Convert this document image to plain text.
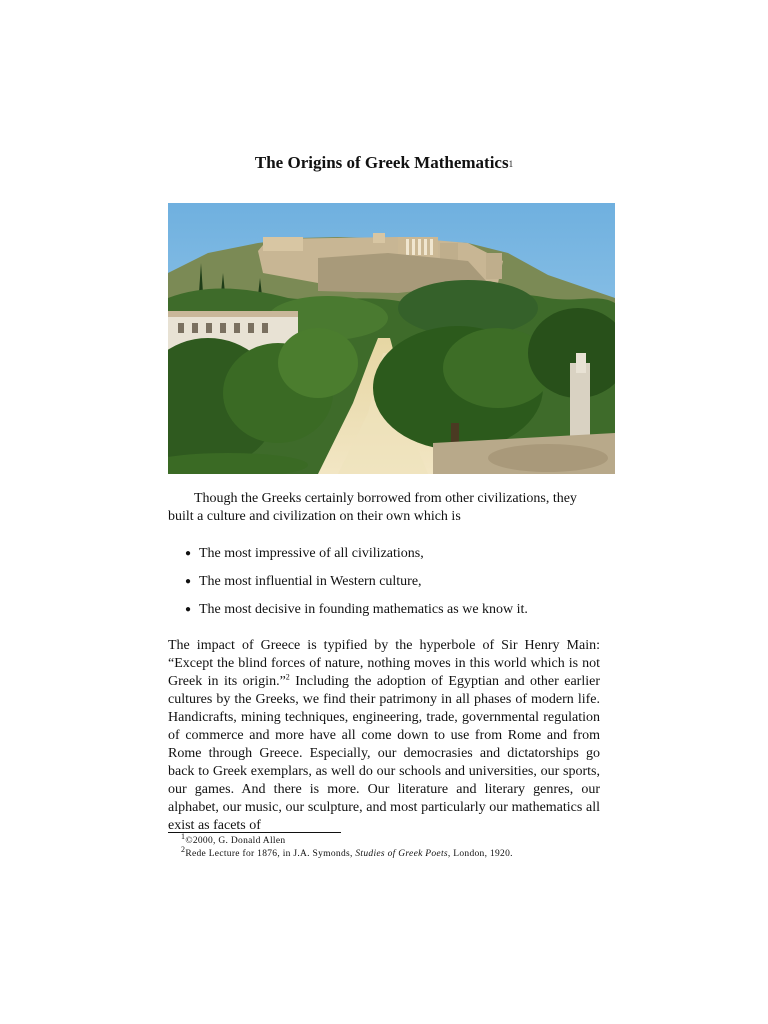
The Origins of Greek Mathematics$^1$
Though the Greeks certainly borrowed from other civilizations, they built a culture and civilization on their own which is
● The most impressive of all civilizations,
● The most influential in Western culture,
● The most decisive in founding mathematics as we know it.

The impact of Greece is typified by the hyperbole of Sir Henry Main: “Except the blind forces of nature, nothing moves in this world which is not Greek in its origin.”$^2$ Including the adoption of Egyptian and other earlier cultures by the Greeks, we find their patrimony in all phases of modern life. Handicrafts, mining techniques, engineering, trade, governmental regulation of commerce and more have all come down to use from Rome and from Rome through Greece. Especially, our democrasies and dictatorships go back to Greek exemplars, as well do our schools and universities, our sports, our games. And there is more. Our literature and literary genres, our alphabet, our music, our sculpture, and most particularly our mathematics all exist as facets of

$^1$©2000, G. Donald Allen

$^2$Rede Lecture for 1876, in J.A. Symonds, Studies of Greek Poets, London, 1920.
